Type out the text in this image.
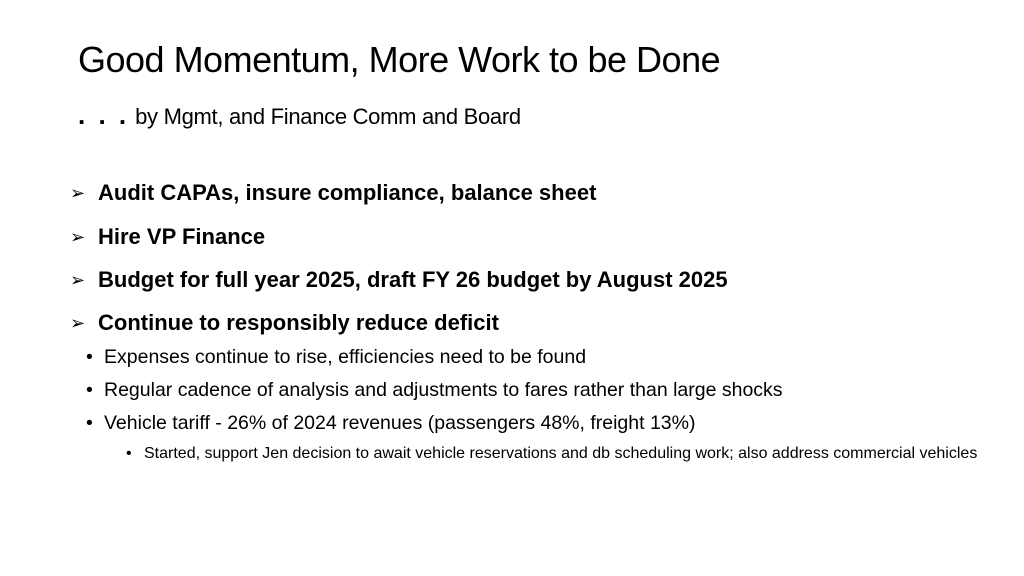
Good Momentum, More Work to be Done
. . . by Mgmt, and Finance Comm and Board
➢ Audit CAPAs, insure compliance, balance sheet
➢ Hire VP Finance
➢ Budget for full year 2025, draft FY 26 budget by August 2025
➢ Continue to responsibly reduce deficit
• Expenses continue to rise, efficiencies need to be found
• Regular cadence of analysis and adjustments to fares rather than large shocks
• Vehicle tariff - 26% of 2024 revenues (passengers 48%, freight 13%)
• Started, support Jen decision to await vehicle reservations and db scheduling work; also address commercial vehicles
